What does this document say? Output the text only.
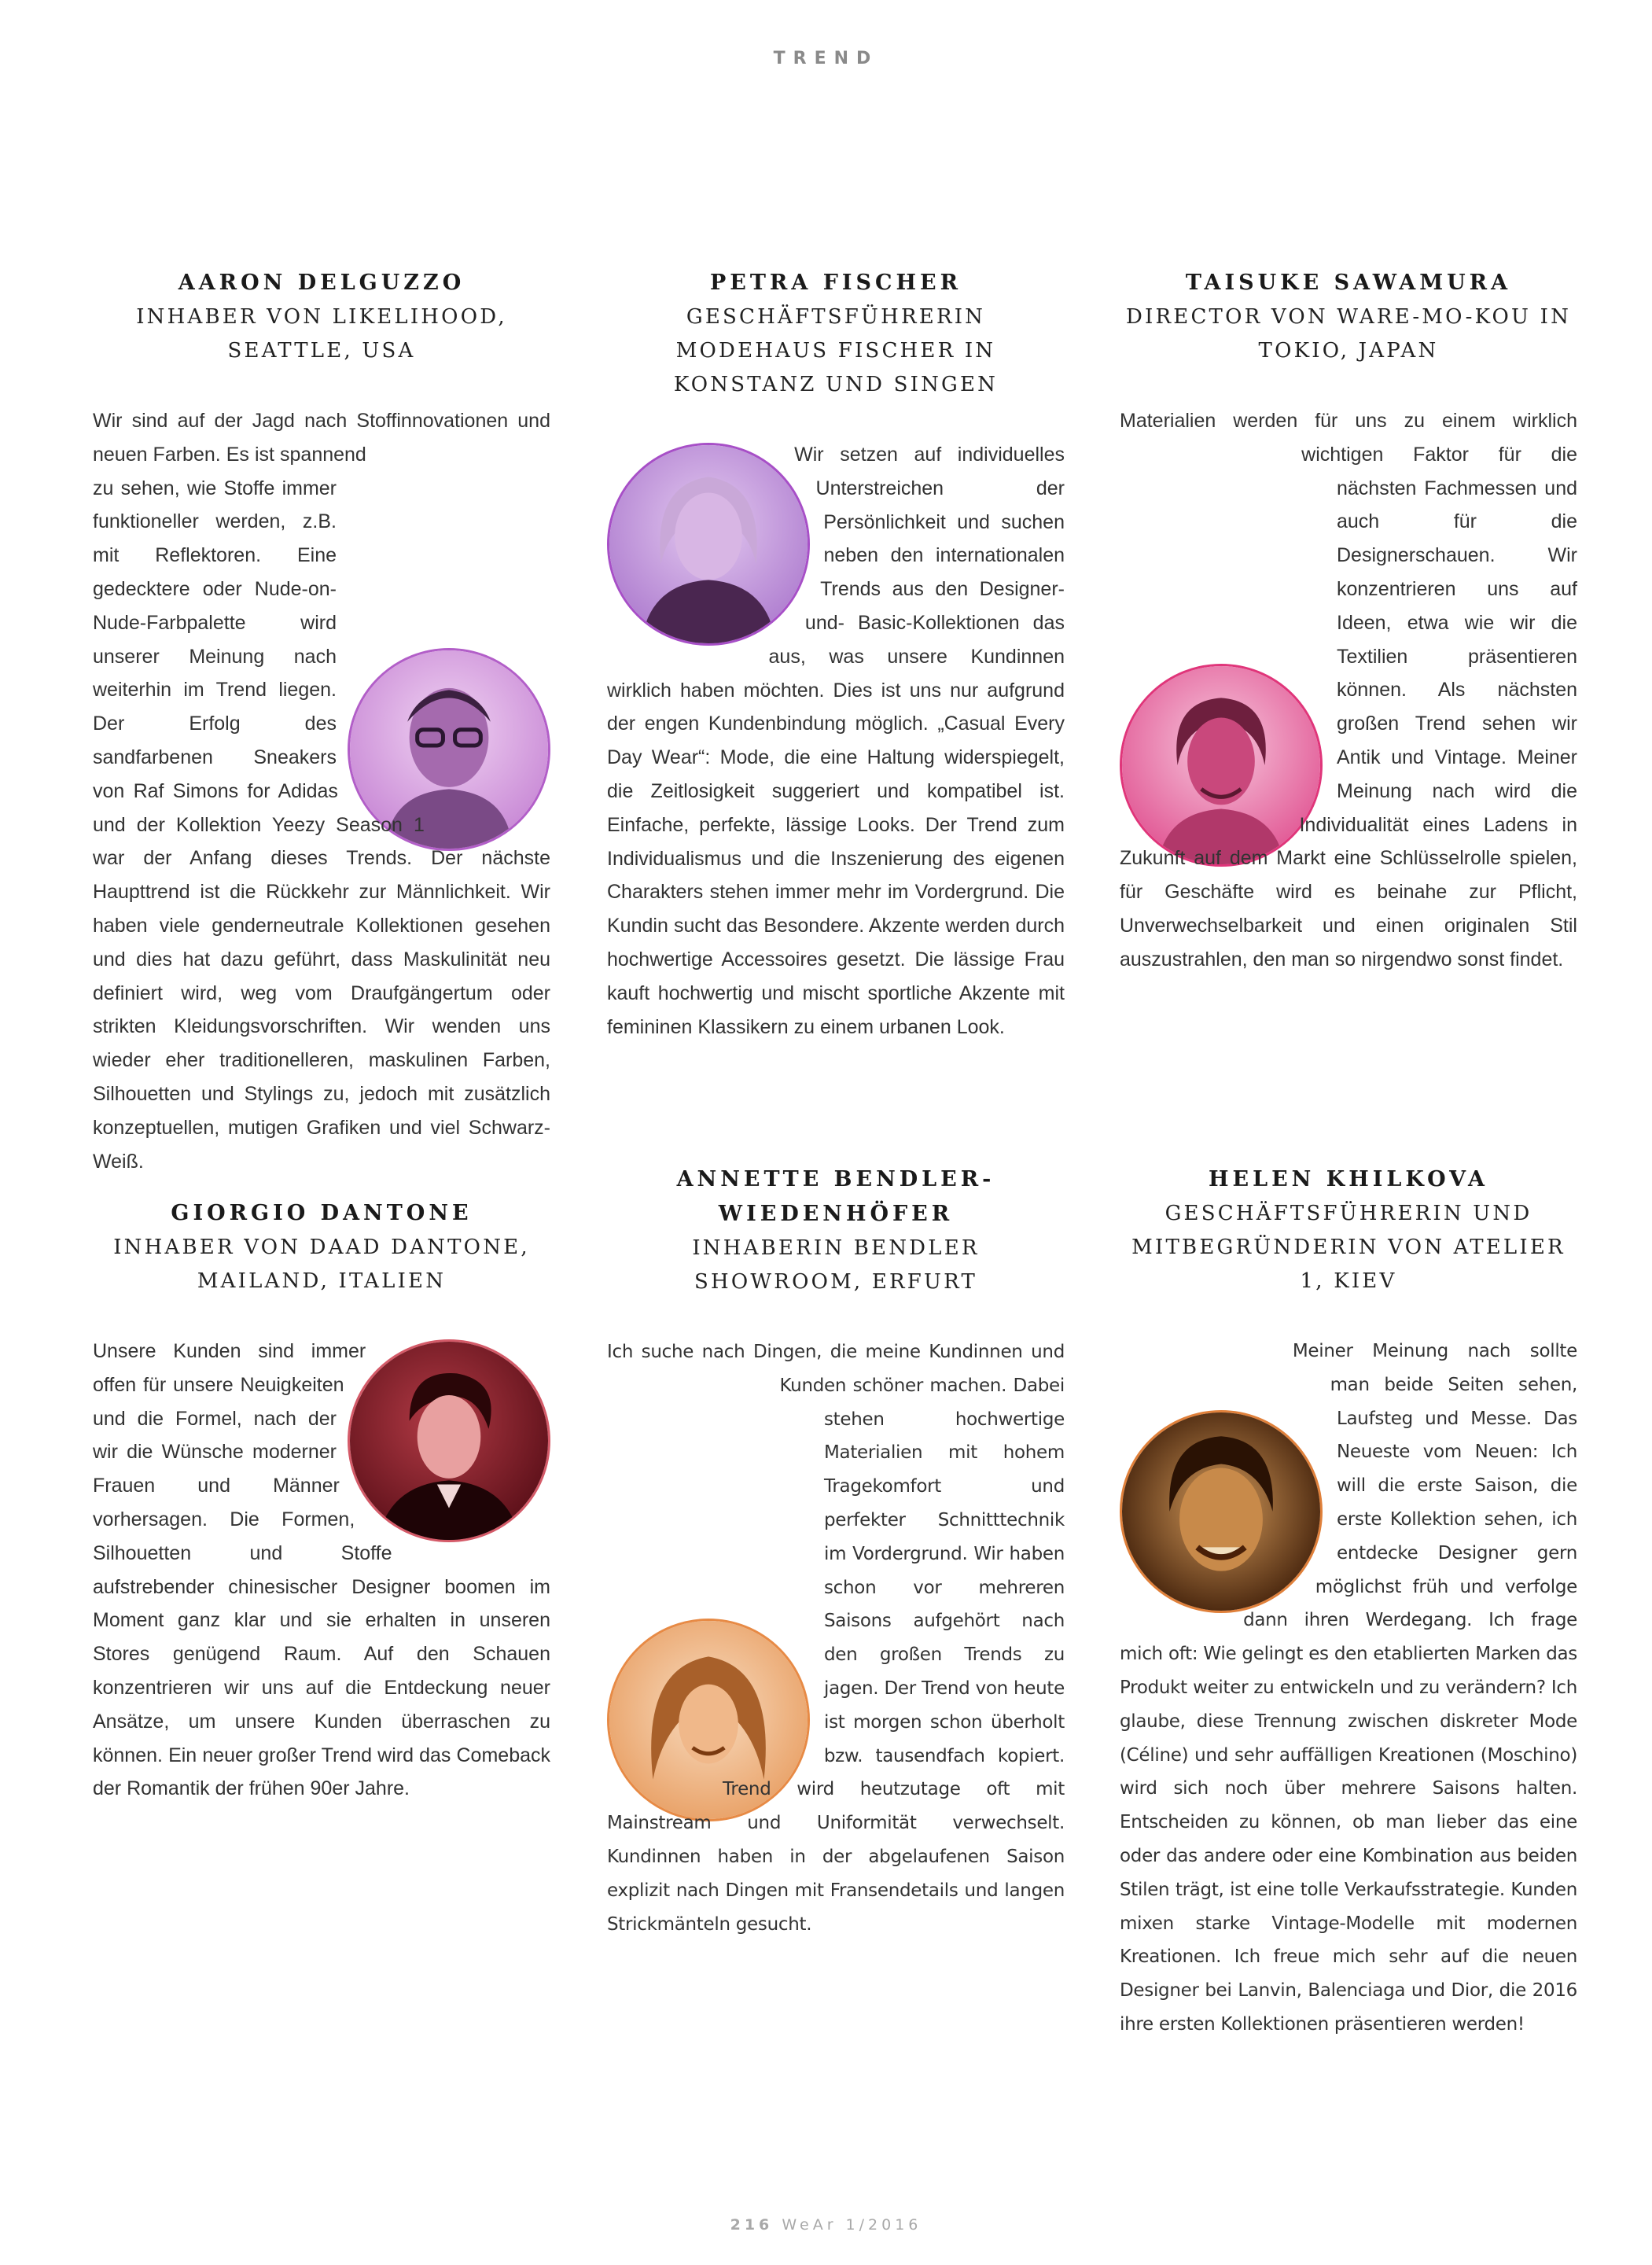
TREND
AARON DELGUZZO
INHABER VON LIKELIHOOD, SEATTLE, USA
Wir sind auf der Jagd nach Stoffinnovationen und neuen Farben. Es ist spannend zu sehen, wie Stoffe immer funktioneller werden, z.B. mit Reflektoren. Eine gedecktere oder Nude-on-Nude-Farbpalette wird unserer Meinung nach weiterhin im Trend liegen. Der Erfolg des sandfarbenen Sneakers von Raf Simons for Adidas und der Kollektion Yeezy Season 1 war der Anfang dieses Trends. Der nächste Haupttrend ist die Rückkehr zur Männlichkeit. Wir haben viele genderneutrale Kollektionen gesehen und dies hat dazu geführt, dass Maskulinität neu definiert wird, weg vom Draufgängertum oder strikten Kleidungsvorschriften. Wir wenden uns wieder eher traditionelleren, maskulinen Farben, Silhouetten und Stylings zu, jedoch mit zusätzlich konzeptuellen, mutigen Grafiken und viel Schwarz-Weiß.
PETRA FISCHER
GESCHÄFTSFÜHRERIN MODEHAUS FISCHER IN KONSTANZ UND SINGEN
Wir setzen auf individuelles Unterstreichen der Persönlichkeit und suchen neben den internationalen Trends aus den Designer- und- Basic-Kollektionen das aus, was unsere Kundinnen wirklich haben möchten. Dies ist uns nur aufgrund der engen Kundenbindung möglich. „Casual Every Day Wear“: Mode, die eine Haltung widerspiegelt, die Zeitlosigkeit suggeriert und kompatibel ist. Einfache, perfekte, lässige Looks. Der Trend zum Individualismus und die Inszenierung des eigenen Charakters stehen immer mehr im Vordergrund. Die Kundin sucht das Besondere. Akzente werden durch hochwertige Accessoires gesetzt. Die lässige Frau kauft hochwertig und mischt sportliche Akzente mit femininen Klassikern zu einem urbanen Look.
TAISUKE SAWAMURA
DIRECTOR VON WARE-MO-KOU IN TOKIO, JAPAN
Materialien werden für uns zu einem wirklich wichtigen Faktor für die nächsten Fachmessen und auch für die Designerschauen. Wir konzentrieren uns auf Ideen, etwa wie wir die Textilien präsentieren können. Als nächsten großen Trend sehen wir Antik und Vintage. Meiner Meinung nach wird die Individualität eines Ladens in Zukunft auf dem Markt eine Schlüsselrolle spielen, für Geschäfte wird es beinahe zur Pflicht, Unverwechselbarkeit und einen originalen Stil auszustrahlen, den man so nirgendwo sonst findet.
GIORGIO DANTONE
INHABER VON DAAD DANTONE, MAILAND, ITALIEN
Unsere Kunden sind immer offen für unsere Neuigkeiten und die Formel, nach der wir die Wünsche moderner Frauen und Männer vorhersagen. Die Formen, Silhouetten und Stoffe aufstrebender chinesischer Designer boomen im Moment ganz klar und sie erhalten in unseren Stores genügend Raum. Auf den Schauen konzentrieren wir uns auf die Entdeckung neuer Ansätze, um unsere Kunden überraschen zu können. Ein neuer großer Trend wird das Comeback der Romantik der frühen 90er Jahre.
ANNETTE BENDLER-WIEDENHÖFER
INHABERIN BENDLER SHOWROOM, ERFURT
Ich suche nach Dingen, die meine Kundinnen und Kunden schöner machen. Dabei stehen hochwertige Materialien mit hohem Tragekomfort und perfekter Schnitttechnik im Vordergrund. Wir haben schon vor mehreren Saisons aufgehört nach den großen Trends zu jagen. Der Trend von heute ist morgen schon überholt bzw. tausendfach kopiert. Trend wird heutzutage oft mit Mainstream und Uniformität verwechselt. Kundinnen haben in der abgelaufenen Saison explizit nach Dingen mit Fransendetails und langen Strickmänteln gesucht.
HELEN KHILKOVA
GESCHÄFTSFÜHRERIN UND MITBEGRÜNDERIN VON ATELIER 1, KIEV
Meiner Meinung nach sollte man beide Seiten sehen, Laufsteg und Messe. Das Neueste vom Neuen: Ich will die erste Saison, die erste Kollektion sehen, ich entdecke Designer gern möglichst früh und verfolge dann ihren Werdegang. Ich frage mich oft: Wie gelingt es den etablierten Marken das Produkt weiter zu entwickeln und zu verändern? Ich glaube, diese Trennung zwischen diskreter Mode (Céline) und sehr auffälligen Kreationen (Moschino) wird sich noch über mehrere Saisons halten. Entscheiden zu können, ob man lieber das eine oder das andere oder eine Kombination aus beiden Stilen trägt, ist eine tolle Verkaufsstrategie. Kunden mixen starke Vintage-Modelle mit modernen Kreationen. Ich freue mich sehr auf die neuen Designer bei Lanvin, Balenciaga und Dior, die 2016 ihre ersten Kollektionen präsentieren werden!
216 WeAr 1/2016
